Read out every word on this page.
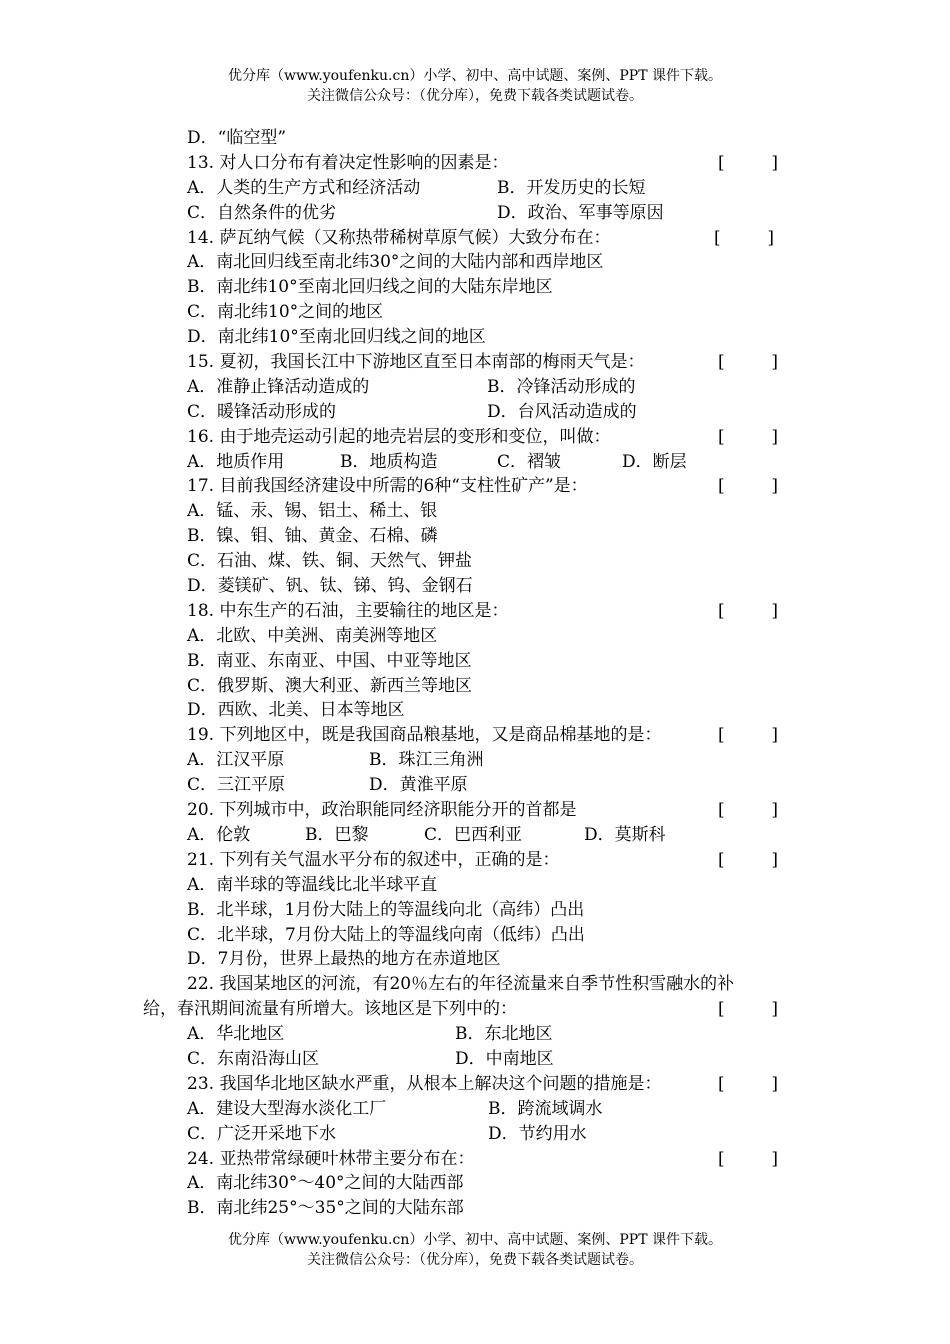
优分库（www.youfenku.cn）小学、初中、高中试题、案例、PPT 课件下载。
关注微信公众号：（优分库），免费下载各类试题试卷。
D．“临空型”
13. 对人口分布有着决定性影响的因素是：	[	]
A．人类的生产方式和经济活动	B．开发历史的长短
C．自然条件的优劣	D．政治、军事等原因
14. 萨瓦纳气候（又称热带稀树草原气候）大致分布在：	[	]
A．南北回归线至南北纬30°之间的大陆内部和西岸地区
B．南北纬10°至南北回归线之间的大陆东岸地区
C．南北纬10°之间的地区
D．南北纬10°至南北回归线之间的地区
15. 夏初，我国长江中下游地区直至日本南部的梅雨天气是：	[	]
A．准静止锋活动造成的	B．冷锋活动形成的
C．暖锋活动形成的	D．台风活动造成的
16. 由于地壳运动引起的地壳岩层的变形和变位，叫做：	[	]
A．地质作用	B．地质构造	C．褶皱	D．断层
17. 目前我国经济建设中所需的6种“支柱性矿产”是：	[	]
A．锰、汞、锡、铝土、稀土、银
B．镍、钼、铀、黄金、石棉、磷
C．石油、煤、铁、铜、天然气、钾盐
D．菱镁矿、钒、钛、锑、钨、金钢石
18. 中东生产的石油，主要输往的地区是：	[	]
A．北欧、中美洲、南美洲等地区
B．南亚、东南亚、中国、中亚等地区
C．俄罗斯、澳大利亚、新西兰等地区
D．西欧、北美、日本等地区
19. 下列地区中，既是我国商品粮基地，又是商品棉基地的是：	[	]
A．江汉平原	B．珠江三角洲
C．三江平原	D．黄淮平原
20. 下列城市中，政治职能同经济职能分开的首都是	[	]
A．伦敦	B．巴黎	C．巴西利亚	D．莫斯科
21. 下列有关气温水平分布的叙述中，正确的是：	[	]
A．南半球的等温线比北半球平直
B．北半球，1月份大陆上的等温线向北（高纬）凸出
C．北半球，7月份大陆上的等温线向南（低纬）凸出
D．7月份，世界上最热的地方在赤道地区
22. 我国某地区的河流，有20％左右的年径流量来自季节性积雪融水的补
给，春汛期间流量有所增大。该地区是下列中的：	[	]
A．华北地区	B．东北地区
C．东南沿海山区	D．中南地区
23. 我国华北地区缺水严重，从根本上解决这个问题的措施是：	[	]
A．建设大型海水淡化工厂	B．跨流域调水
C．广泛开采地下水	D．节约用水
24. 亚热带常绿硬叶林带主要分布在：	[	]
A．南北纬30°～40°之间的大陆西部
B．南北纬25°～35°之间的大陆东部
优分库（www.youfenku.cn）小学、初中、高中试题、案例、PPT 课件下载。
关注微信公众号：（优分库），免费下载各类试题试卷。
